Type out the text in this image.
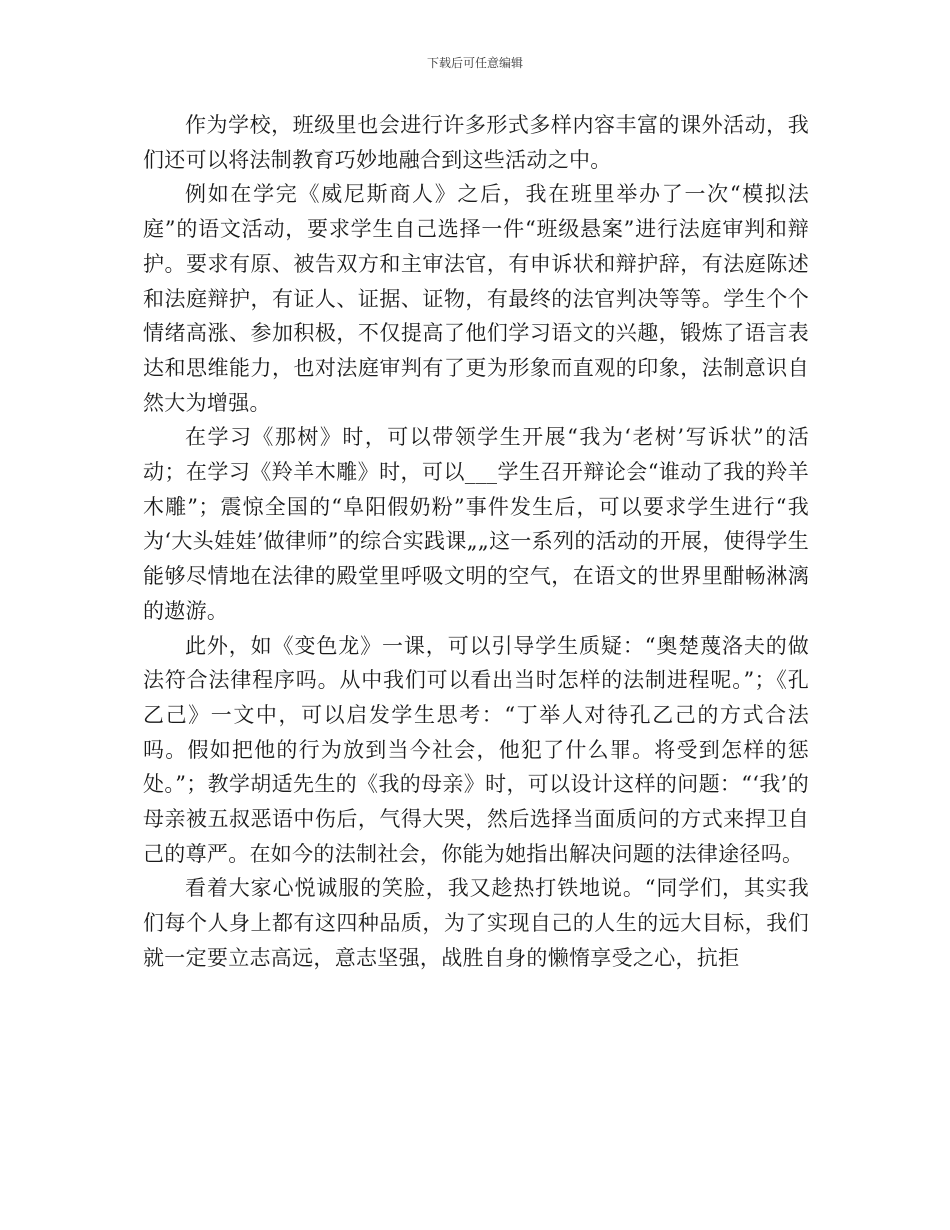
下载后可任意编辑

作为学校，班级里也会进行许多形式多样内容丰富的课外活动，我们还可以将法制教育巧妙地融合到这些活动之中。

例如在学完《威尼斯商人》之后，我在班里举办了一次“模拟法庭”的语文活动，要求学生自己选择一件“班级悬案”进行法庭审判和辩护。要求有原、被告双方和主审法官，有申诉状和辩护辞，有法庭陈述和法庭辩护，有证人、证据、证物，有最终的法官判决等等。学生个个情绪高涨、参加积极，不仅提高了他们学习语文的兴趣，锻炼了语言表达和思维能力，也对法庭审判有了更为形象而直观的印象，法制意识自然大为增强。

在学习《那树》时，可以带领学生开展“我为‘老树’写诉状”的活动；在学习《羚羊木雕》时，可以___学生召开辩论会“谁动了我的羚羊木雕”；震惊全国的“阜阳假奶粉”事件发生后，可以要求学生进行“我为‘大头娃娃’做律师”的综合实践课„„这一系列的活动的开展，使得学生能够尽情地在法律的殿堂里呼吸文明的空气，在语文的世界里酣畅淋漓的遨游。

此外，如《变色龙》一课，可以引导学生质疑：“奥楚蔑洛夫的做法符合法律程序吗。从中我们可以看出当时怎样的法制进程呢。”；《孔乙己》一文中，可以启发学生思考：“丁举人对待孔乙己的方式合法吗。假如把他的行为放到当今社会，他犯了什么罪。将受到怎样的惩处。”；教学胡适先生的《我的母亲》时，可以设计这样的问题：“‘我’的母亲被五叔恶语中伤后，气得大哭，然后选择当面质问的方式来捍卫自己的尊严。在如今的法制社会，你能为她指出解决问题的法律途径吗。

看着大家心悦诚服的笑脸，我又趁热打铁地说。“同学们，其实我们每个人身上都有这四种品质，为了实现自己的人生的远大目标，我们就一定要立志高远，意志坚强，战胜自身的懒惰享受之心，抗拒
